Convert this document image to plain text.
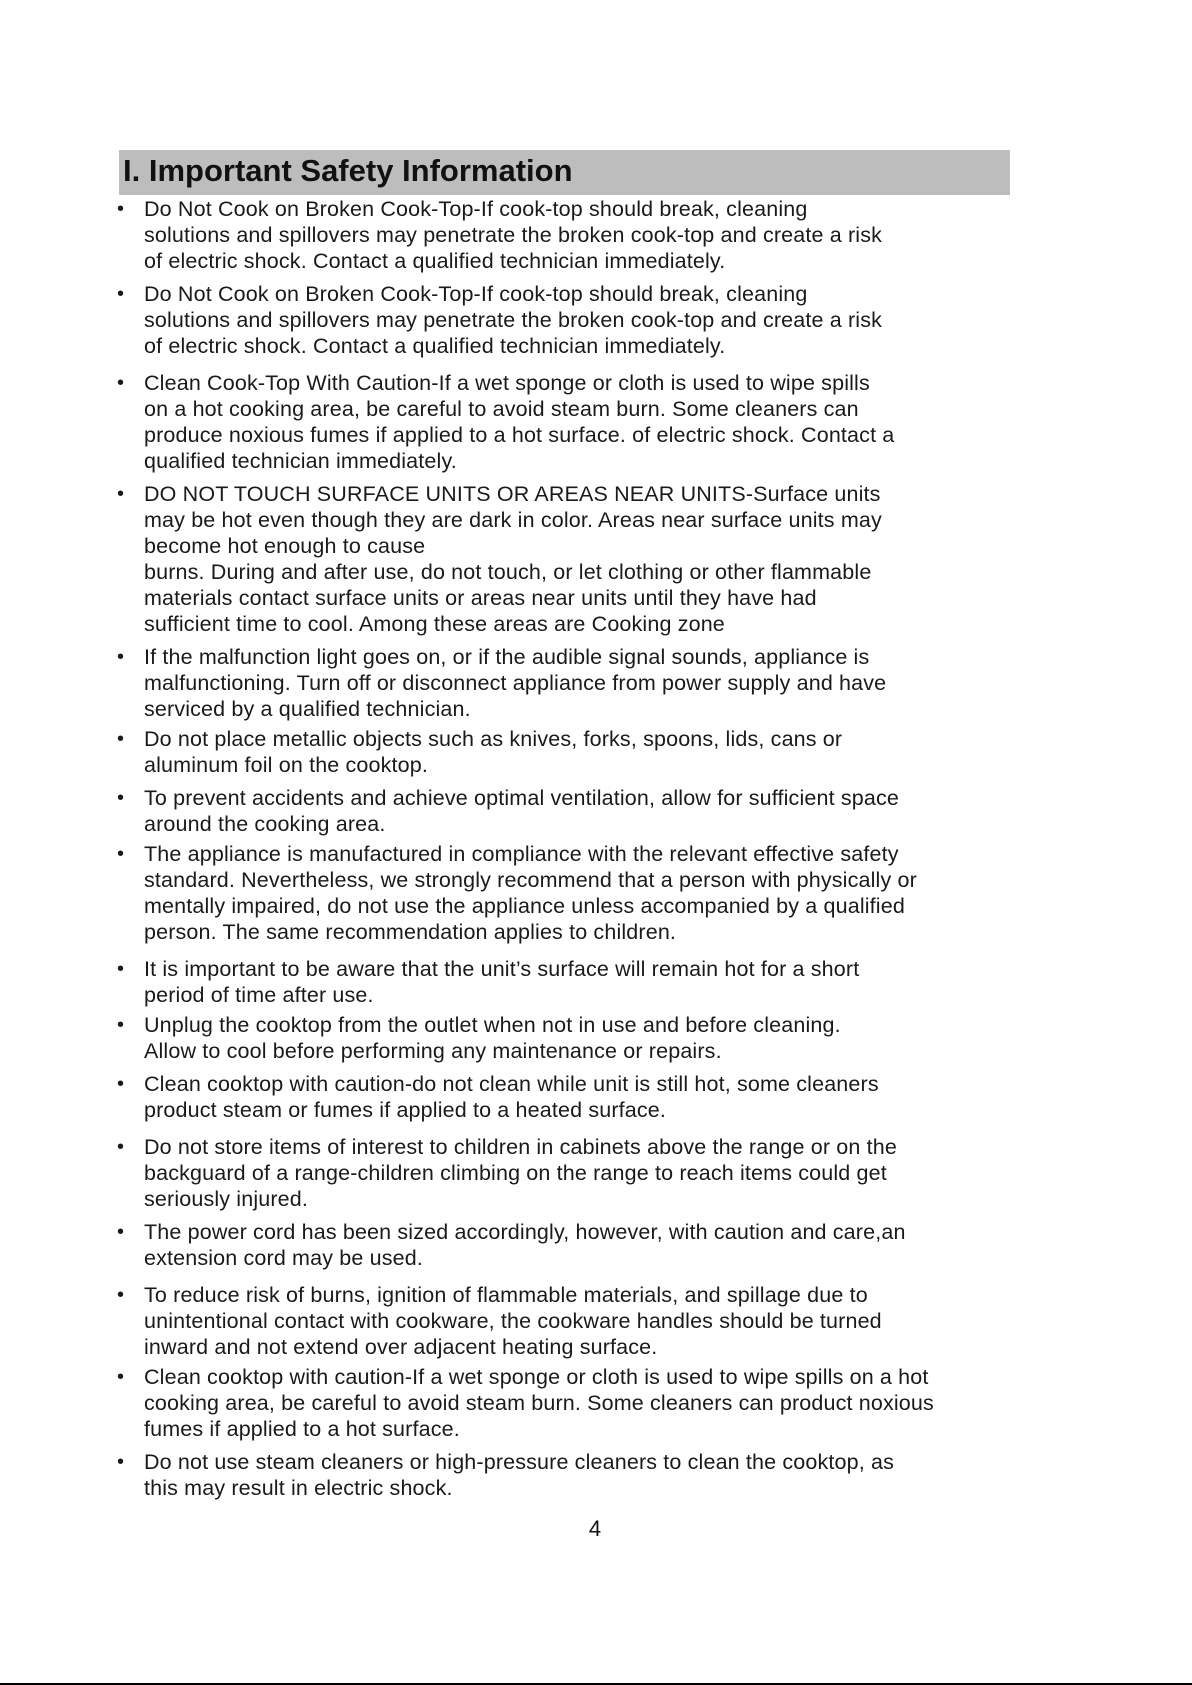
I. Important Safety Information
• Do Not Cook on Broken Cook-Top-If cook-top should break, cleaning
solutions and spillovers may penetrate the broken cook-top and create a risk
of electric shock. Contact a qualified technician immediately.
• Do Not Cook on Broken Cook-Top-If cook-top should break, cleaning
solutions and spillovers may penetrate the broken cook-top and create a risk
of electric shock. Contact a qualified technician immediately.
• Clean Cook-Top With Caution-If a wet sponge or cloth is used to wipe spills
on a hot cooking area, be careful to avoid steam burn. Some cleaners can
produce noxious fumes if applied to a hot surface. of electric shock. Contact a
qualified technician immediately.
• DO NOT TOUCH SURFACE UNITS OR AREAS NEAR UNITS-Surface units
may be hot even though they are dark in color. Areas near surface units may
become hot enough to cause
burns. During and after use, do not touch, or let clothing or other flammable
materials contact surface units or areas near units until they have had
sufficient time to cool. Among these areas are Cooking zone
• If the malfunction light goes on, or if the audible signal sounds, appliance is
malfunctioning. Turn off or disconnect appliance from power supply and have
serviced by a qualified technician.
• Do not place metallic objects such as knives, forks, spoons, lids, cans or
aluminum foil on the cooktop.
• To prevent accidents and achieve optimal ventilation, allow for sufficient space
around the cooking area.
• The appliance is manufactured in compliance with the relevant effective safety
standard. Nevertheless, we strongly recommend that a person with physically or
mentally impaired, do not use the appliance unless accompanied by a qualified
person. The same recommendation applies to children.
• It is important to be aware that the unit’s surface will remain hot for a short
period of time after use.
• Unplug the cooktop from the outlet when not in use and before cleaning.
Allow to cool before performing any maintenance or repairs.
• Clean cooktop with caution-do not clean while unit is still hot, some cleaners
product steam or fumes if applied to a heated surface.
• Do not store items of interest to children in cabinets above the range or on the
backguard of a range-children climbing on the range to reach items could get
seriously injured.
• The power cord has been sized accordingly, however, with caution and care,an
extension cord may be used.
• To reduce risk of burns, ignition of flammable materials, and spillage due to
unintentional contact with cookware, the cookware handles should be turned
inward and not extend over adjacent heating surface.
• Clean cooktop with caution-If a wet sponge or cloth is used to wipe spills on a hot
cooking area, be careful to avoid steam burn. Some cleaners can product noxious
fumes if applied to a hot surface.
• Do not use steam cleaners or high-pressure cleaners to clean the cooktop, as
this may result in electric shock.
4
